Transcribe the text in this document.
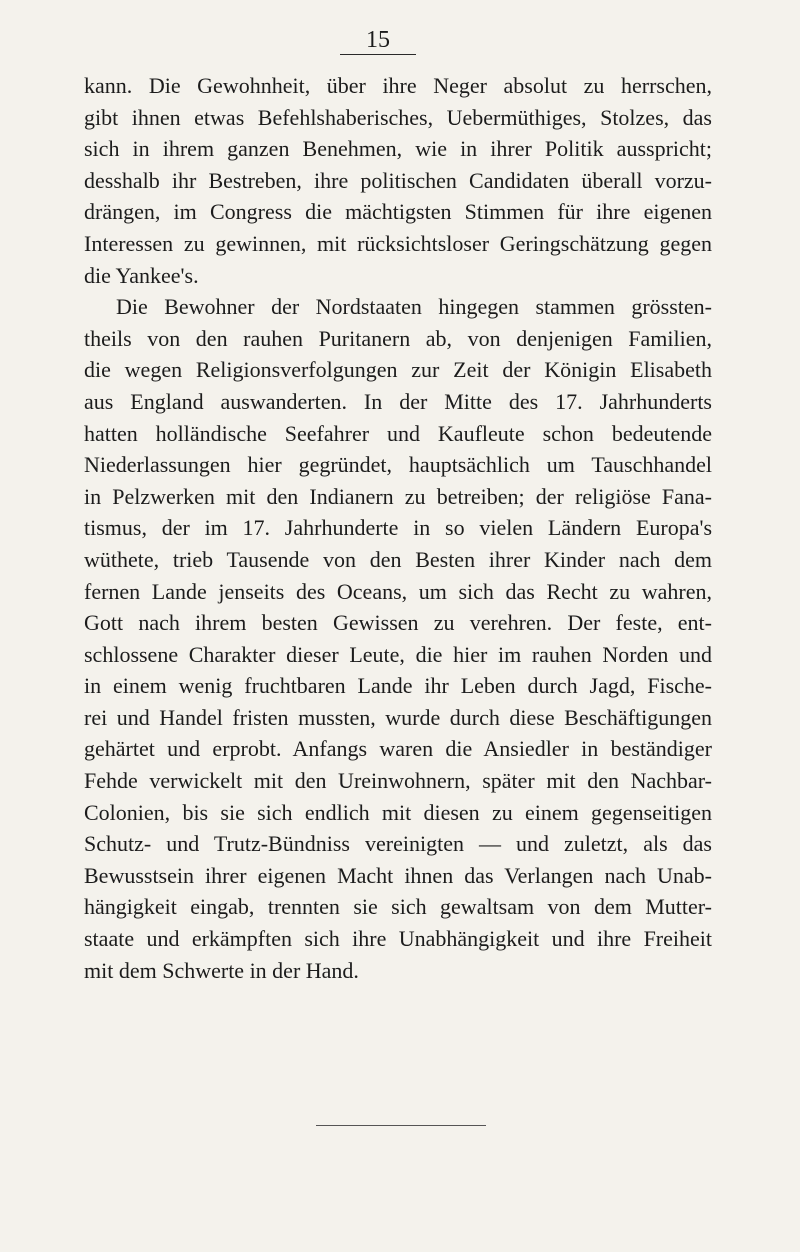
15

kann. Die Gewohnheit, über ihre Neger absolut zu herrschen,
gibt ihnen etwas Befehlshaberisches, Uebermüthiges, Stolzes, das
sich in ihrem ganzen Benehmen, wie in ihrer Politik ausspricht;
desshalb ihr Bestreben, ihre politischen Candidaten überall vorzu-
drängen, im Congress die mächtigsten Stimmen für ihre eigenen
Interessen zu gewinnen, mit rücksichtsloser Geringschätzung gegen
die Yankee's.

Die Bewohner der Nordstaaten hingegen stammen grössten-
theils von den rauhen Puritanern ab, von denjenigen Familien,
die wegen Religionsverfolgungen zur Zeit der Königin Elisabeth
aus England auswanderten. In der Mitte des 17. Jahrhunderts
hatten holländische Seefahrer und Kaufleute schon bedeutende
Niederlassungen hier gegründet, hauptsächlich um Tauschhandel
in Pelzwerken mit den Indianern zu betreiben; der religiöse Fana-
tismus, der im 17. Jahrhunderte in so vielen Ländern Europa's
wüthete, trieb Tausende von den Besten ihrer Kinder nach dem
fernen Lande jenseits des Oceans, um sich das Recht zu wahren,
Gott nach ihrem besten Gewissen zu verehren. Der feste, ent-
schlossene Charakter dieser Leute, die hier im rauhen Norden und
in einem wenig fruchtbaren Lande ihr Leben durch Jagd, Fische-
rei und Handel fristen mussten, wurde durch diese Beschäftigungen
gehärtet und erprobt. Anfangs waren die Ansiedler in beständiger
Fehde verwickelt mit den Ureinwohnern, später mit den Nachbar-
Colonien, bis sie sich endlich mit diesen zu einem gegenseitigen
Schutz- und Trutz-Bündniss vereinigten — und zuletzt, als das
Bewusstsein ihrer eigenen Macht ihnen das Verlangen nach Unab-
hängigkeit eingab, trennten sie sich gewaltsam von dem Mutter-
staate und erkämpften sich ihre Unabhängigkeit und ihre Freiheit
mit dem Schwerte in der Hand.
